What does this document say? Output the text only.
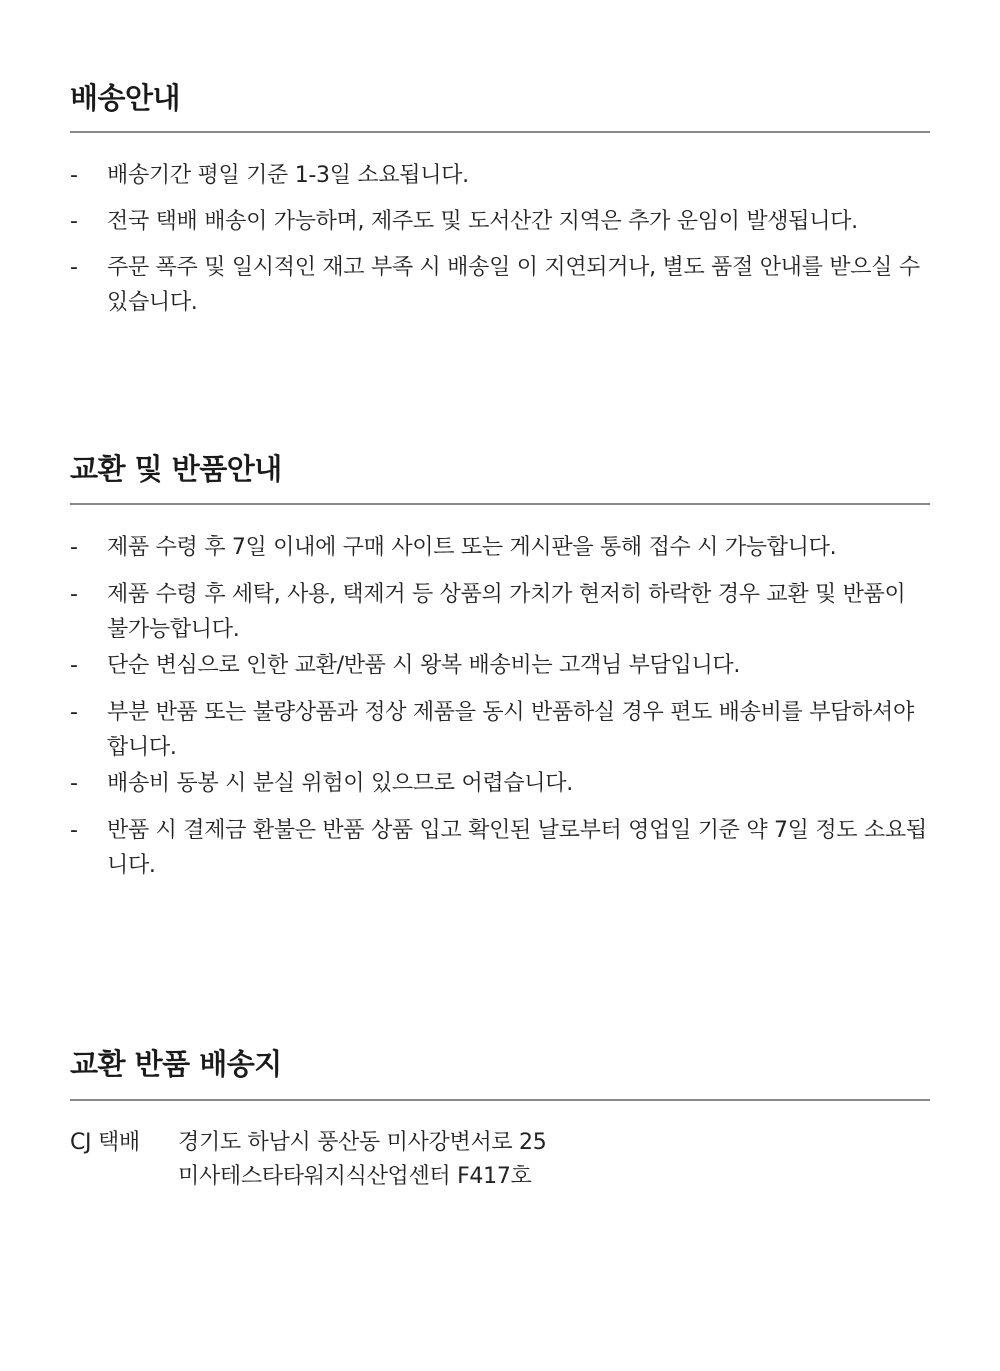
배송안내
-	배송기간 평일 기준 1-3일 소요됩니다.
-	전국 택배 배송이 가능하며, 제주도 및 도서산간 지역은 추가 운임이 발생됩니다.
-	주문 폭주 및 일시적인 재고 부족 시 배송일 이 지연되거나, 별도 품절 안내를 받으실 수 있습니다.
교환 및 반품안내
-	제품 수령 후 7일 이내에 구매 사이트 또는 게시판을 통해 접수 시 가능합니다.
-	제품 수령 후 세탁, 사용, 택제거 등 상품의 가치가 현저히 하락한 경우 교환 및 반품이 불가능합니다.
-	단순 변심으로 인한 교환/반품 시 왕복 배송비는 고객님 부담입니다.
-	부분 반품 또는 불량상품과 정상 제품을 동시 반품하실 경우 편도 배송비를 부담하셔야 합니다.
-	배송비 동봉 시 분실 위험이 있으므로 어렵습니다.
-	반품 시 결제금 환불은 반품 상품 입고 확인된 날로부터 영업일 기준 약 7일 정도 소요됩니다.
교환 반품 배송지
CJ 택배	경기도 하남시 풍산동 미사강변서로 25
미사테스타타워지식산업센터 F417호
